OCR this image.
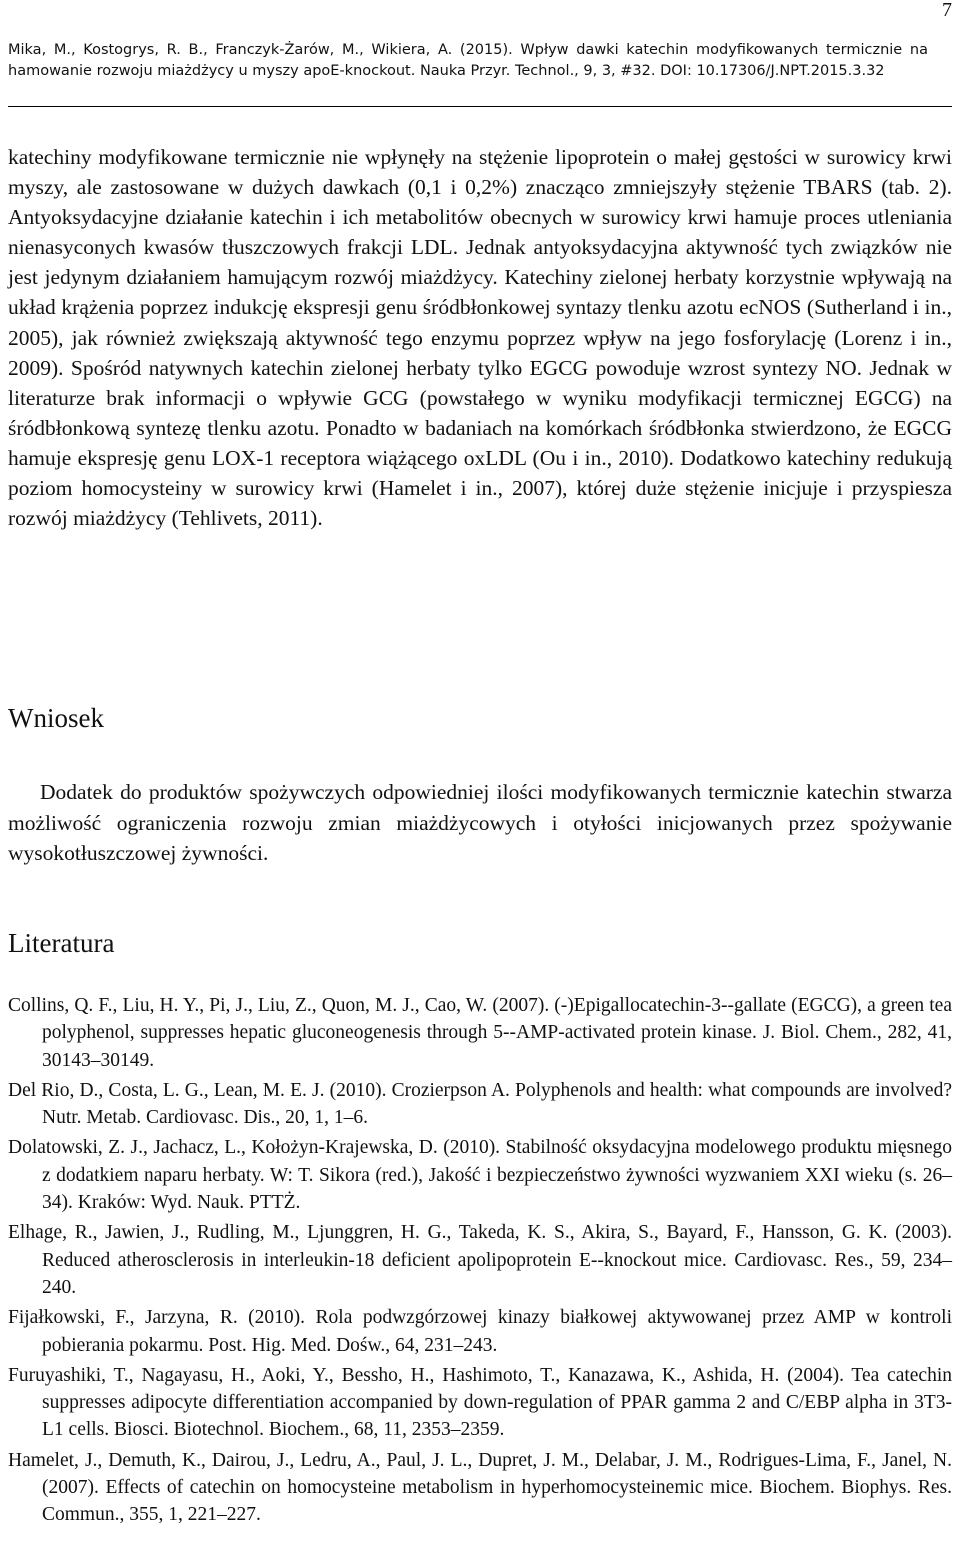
7
Mika, M., Kostogrys, R. B., Franczyk-Żarów, M., Wikiera, A. (2015). Wpływ dawki katechin modyfikowanych termicznie na hamowanie rozwoju miażdżycy u myszy apoE-knockout. Nauka Przyr. Technol., 9, 3, #32. DOI: 10.17306/J.NPT.2015.3.32

katechiny modyfikowane termicznie nie wpłynęły na stężenie lipoprotein o małej gęstości w surowicy krwi myszy, ale zastosowane w dużych dawkach (0,1 i 0,2%) znacząco zmniejszyły stężenie TBARS (tab. 2). Antyoksydacyjne działanie katechin i ich metabolitów obecnych w surowicy krwi hamuje proces utleniania nienasyconych kwasów tłuszczowych frakcji LDL. Jednak antyoksydacyjna aktywność tych związków nie jest jedynym działaniem hamującym rozwój miażdżycy. Katechiny zielonej herbaty korzystnie wpływają na układ krążenia poprzez indukcję ekspresji genu śródbłonkowej syntazy tlenku azotu ecNOS (Sutherland i in., 2005), jak również zwiększają aktywność tego enzymu poprzez wpływ na jego fosforylację (Lorenz i in., 2009). Spośród natywnych katechin zielonej herbaty tylko EGCG powoduje wzrost syntezy NO. Jednak w literaturze brak informacji o wpływie GCG (powstałego w wyniku modyfikacji termicznej EGCG) na śródbłonkową syntezę tlenku azotu. Ponadto w badaniach na komórkach śródbłonka stwierdzono, że EGCG hamuje ekspresję genu LOX-1 receptora wiążącego oxLDL (Ou i in., 2010). Dodatkowo katechiny redukują poziom homocysteiny w surowicy krwi (Hamelet i in., 2007), której duże stężenie inicjuje i przyspiesza rozwój miażdżycy (Tehlivets, 2011).

Wniosek

Dodatek do produktów spożywczych odpowiedniej ilości modyfikowanych termicznie katechin stwarza możliwość ograniczenia rozwoju zmian miażdżycowych i otyłości inicjowanych przez spożywanie wysokotłuszczowej żywności.

Literatura
Collins, Q. F., Liu, H. Y., Pi, J., Liu, Z., Quon, M. J., Cao, W. (2007). (-)Epigallocatechin-3--gallate (EGCG), a green tea polyphenol, suppresses hepatic gluconeogenesis through 5--AMP-activated protein kinase. J. Biol. Chem., 282, 41, 30143–30149.
Del Rio, D., Costa, L. G., Lean, M. E. J. (2010). Crozierpson A. Polyphenols and health: what compounds are involved? Nutr. Metab. Cardiovasc. Dis., 20, 1, 1–6.
Dolatowski, Z. J., Jachacz, L., Kołożyn-Krajewska, D. (2010). Stabilność oksydacyjna modelowego produktu mięsnego z dodatkiem naparu herbaty. W: T. Sikora (red.), Jakość i bezpieczeństwo żywności wyzwaniem XXI wieku (s. 26–34). Kraków: Wyd. Nauk. PTTŻ.
Elhage, R., Jawien, J., Rudling, M., Ljunggren, H. G., Takeda, K. S., Akira, S., Bayard, F., Hansson, G. K. (2003). Reduced atherosclerosis in interleukin-18 deficient apolipoprotein E--knockout mice. Cardiovasc. Res., 59, 234–240.
Fijałkowski, F., Jarzyna, R. (2010). Rola podwzgórzowej kinazy białkowej aktywowanej przez AMP w kontroli pobierania pokarmu. Post. Hig. Med. Dośw., 64, 231–243.
Furuyashiki, T., Nagayasu, H., Aoki, Y., Bessho, H., Hashimoto, T., Kanazawa, K., Ashida, H. (2004). Tea catechin suppresses adipocyte differentiation accompanied by down-regulation of PPAR gamma 2 and C/EBP alpha in 3T3-L1 cells. Biosci. Biotechnol. Biochem., 68, 11, 2353–2359.
Hamelet, J., Demuth, K., Dairou, J., Ledru, A., Paul, J. L., Dupret, J. M., Delabar, J. M., Rodrigues-Lima, F., Janel, N. (2007). Effects of catechin on homocysteine metabolism in hyperhomocysteinemic mice. Biochem. Biophys. Res. Commun., 355, 1, 221–227.
